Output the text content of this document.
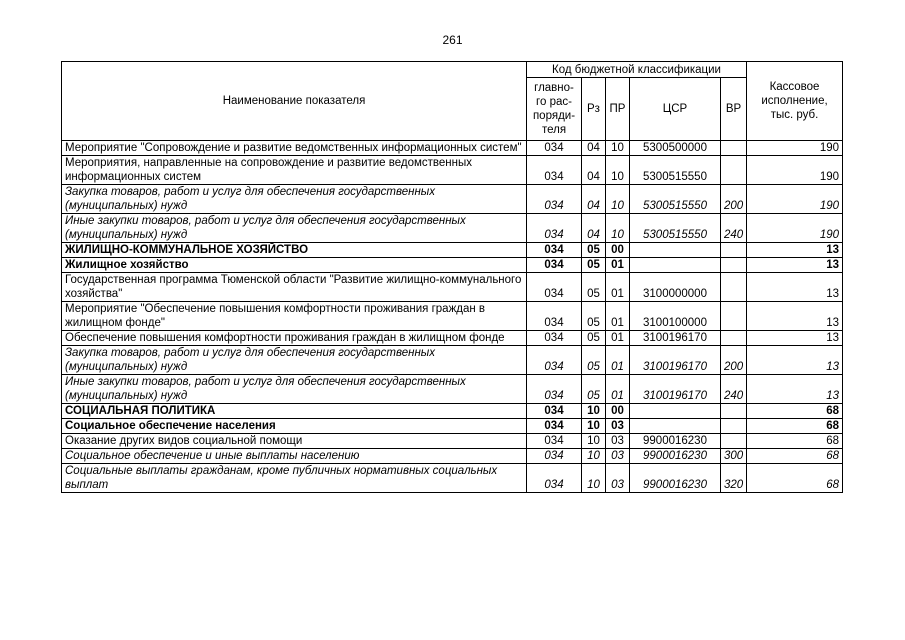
261
Наименование показателя	Код бюджетной классификации					Кассовое исполнение, тыс. руб.
	главно-го рас-поряди-теля	Рз	ПР	ЦСР	ВР	
Мероприятие "Сопровождение и развитие ведомственных информационных систем"	034	04	10	5300500000		190
Мероприятия, направленные на сопровождение и развитие ведомственных информационных систем	034	04	10	5300515550		190
Закупка товаров, работ и услуг для обеспечения государственных (муниципальных) нужд	034	04	10	5300515550	200	190
Иные закупки товаров, работ и услуг для обеспечения государственных (муниципальных) нужд	034	04	10	5300515550	240	190
ЖИЛИЩНО-КОММУНАЛЬНОЕ ХОЗЯЙСТВО	034	05	00			13
Жилищное хозяйство	034	05	01			13
Государственная программа Тюменской области "Развитие жилищно-коммунального хозяйства"	034	05	01	3100000000		13
Мероприятие "Обеспечение повышения комфортности проживания граждан в жилищном фонде"	034	05	01	3100100000		13
Обеспечение повышения комфортности проживания граждан в жилищном фонде	034	05	01	3100196170		13
Закупка товаров, работ и услуг для обеспечения государственных (муниципальных) нужд	034	05	01	3100196170	200	13
Иные закупки товаров, работ и услуг для обеспечения государственных (муниципальных) нужд	034	05	01	3100196170	240	13
СОЦИАЛЬНАЯ ПОЛИТИКА	034	10	00			68
Социальное обеспечение населения	034	10	03			68
Оказание других видов социальной помощи	034	10	03	9900016230		68
Социальное обеспечение и иные выплаты населению	034	10	03	9900016230	300	68
Социальные выплаты гражданам, кроме публичных нормативных социальных выплат	034	10	03	9900016230	320	68
